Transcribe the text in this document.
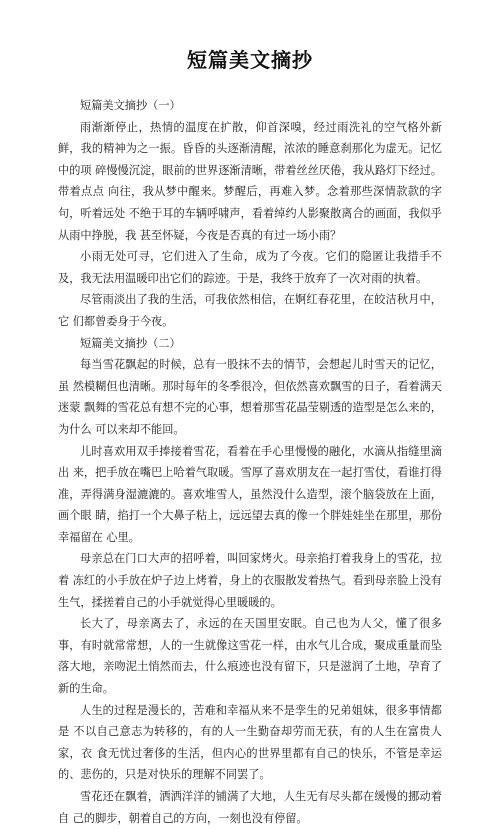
短篇美文摘抄

短篇美文摘抄（一）

雨渐渐停止，热情的温度在扩散，仰首深嗅，经过雨洗礼的空气格外新鲜，我的精神为之一振。昏昏的头逐渐清醒，浓浓的睡意刹那化为虚无。记忆中的项 碎慢慢沉淀，眼前的世界逐渐清晰，带着丝丝厌倦，我从路灯下经过。带着点点 向往，我从梦中醒来。梦醒后，再难入梦。念着那些深情款款的字句，听着远处 不绝于耳的车辆呼啸声，看着绰约人影聚散离合的画面，我似乎从雨中挣脱，我 甚至怀疑，今夜是否真的有过一场小雨？

小雨无处可寻，它们进入了生命，成为了今夜。它们的隐匿让我措手不及，我无法用温暖印出它们的踪迹。于是，我终于放弃了一次对雨的执着。

尽管雨淡出了我的生活，可我依然相信，在婀红春花里，在皎洁秋月中，它 们都曾委身于今夜。

短篇美文摘抄（二）

每当雪花飘起的时候，总有一股抹不去的情节，会想起儿时雪天的记忆，虽 然模糊但也清晰。那时每年的冬季很冷，但依然喜欢飘雪的日子，看着满天迷蒙 飘舞的雪花总有想不完的心事，想着那雪花晶莹剔透的造型是怎么来的，为什么 可以来却不能回。

儿时喜欢用双手捧接着雪花，看着在手心里慢慢的融化，水滴从指缝里滴出 来，把手放在嘴巴上哈着气取暖。雪厚了喜欢朋友在一起打雪仗，看谁打得准，弄得满身湿漉漉的。喜欢堆雪人，虽然没什么造型，滚个脑袋放在上面，画个眼 睛，掐打一个大鼻子粘上，远远望去真的像一个胖娃娃坐在那里，那份幸福留在 心里。

母亲总在门口大声的招呼着，叫回家烤火。母亲掐打着我身上的雪花，拉着 冻红的小手放在炉子边上烤着，身上的衣服散发着热气。看到母亲脸上没有生气，揉搓着自己的小手就觉得心里暖暖的。

长大了，母亲离去了，永远的在天国里安眠。自己也为人父，懂了很多事，有时就常常想，人的一生就像这雪花一样，由水气儿合成，聚成重量而坠落大地，亲吻泥土悄然而去，什么痕迹也没有留下，只是滋润了土地，孕育了新的生命。

人生的过程是漫长的，苦难和幸福从来不是孪生的兄弟姐妹，很多事情都是 不以自己意志为转移的，有的人一生勤奋却劳而无获，有的人生在富贵人家，衣 食无忧过奢侈的生活，但内心的世界里都有自己的快乐，不管是幸运的、悲伤的，只是对快乐的理解不同罢了。

雪花还在飘着，洒洒洋洋的铺满了大地，人生无有尽头都在缓慢的挪动着自 己的脚步，朝着自己的方向，一刻也没有停留。
